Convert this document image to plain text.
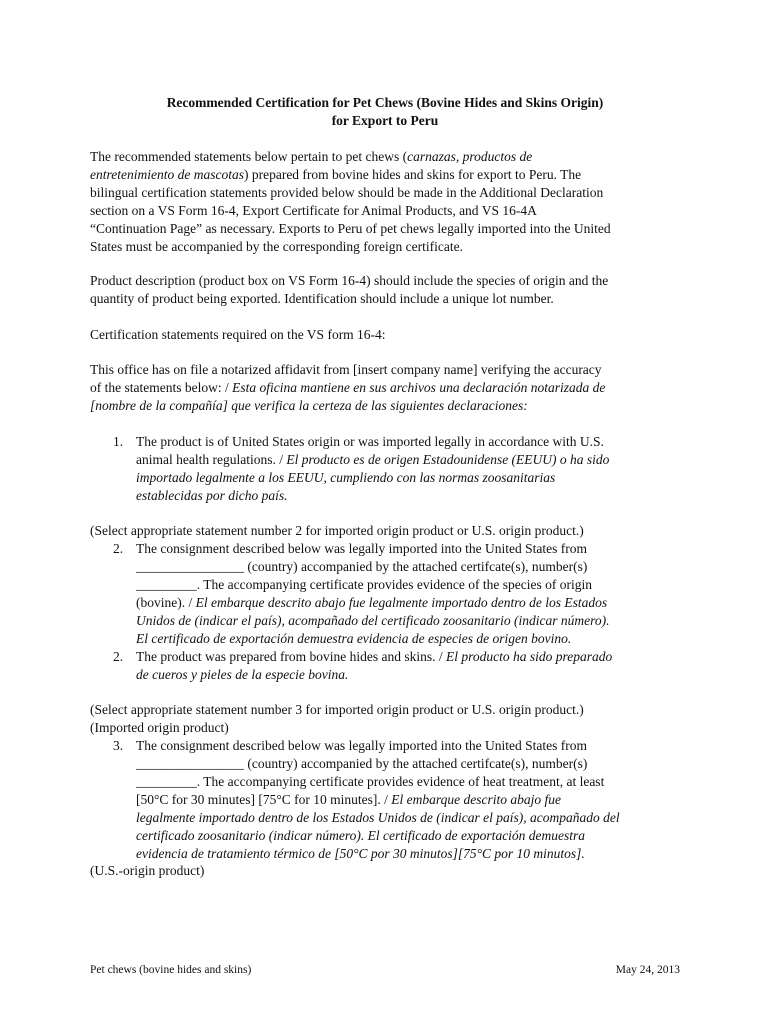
Recommended Certification for Pet Chews (Bovine Hides and Skins Origin)
for Export to Peru
The recommended statements below pertain to pet chews (carnazas, productos de
entretenimiento de mascotas) prepared from bovine hides and skins for export to Peru. The
bilingual certification statements provided below should be made in the Additional Declaration
section on a VS Form 16-4, Export Certificate for Animal Products, and VS 16-4A
“Continuation Page” as necessary. Exports to Peru of pet chews legally imported into the United
States must be accompanied by the corresponding foreign certificate.
Product description (product box on VS Form 16-4) should include the species of origin and the
quantity of product being exported. Identification should include a unique lot number.
Certification statements required on the VS form 16-4:
This office has on file a notarized affidavit from [insert company name] verifying the accuracy
of the statements below: / Esta oficina mantiene en sus archivos una declaración notarizada de
[nombre de la compañía] que verifica la certeza de las siguientes declaraciones:
1. The product is of United States origin or was imported legally in accordance with U.S.
animal health regulations. / El producto es de origen Estadounidense (EEUU) o ha sido
importado legalmente a los EEUU, cumpliendo con las normas zoosanitarias
establecidas por dicho país.
(Select appropriate statement number 2 for imported origin product or U.S. origin product.)
2. The consignment described below was legally imported into the United States from
________________ (country) accompanied by the attached certifcate(s), number(s)
_________. The accompanying certificate provides evidence of the species of origin
(bovine). / El embarque descrito abajo fue legalmente importado dentro de los Estados
Unidos de (indicar el país), acompañado del certificado zoosanitario (indicar número).
El certificado de exportación demuestra evidencia de especies de origen bovino.
2. The product was prepared from bovine hides and skins. / El producto ha sido preparado
de cueros y pieles de la especie bovina.
(Select appropriate statement number 3 for imported origin product or U.S. origin product.)
(Imported origin product)
3. The consignment described below was legally imported into the United States from
________________ (country) accompanied by the attached certifcate(s), number(s)
_________. The accompanying certificate provides evidence of heat treatment, at least
[50°C for 30 minutes] [75°C for 10 minutes]. / El embarque descrito abajo fue
legalmente importado dentro de los Estados Unidos de (indicar el país), acompañado del
certificado zoosanitario (indicar número). El certificado de exportación demuestra
evidencia de tratamiento térmico de [50°C por 30 minutos][75°C por 10 minutos].
(U.S.-origin product)
Pet chews (bovine hides and skins)	May 24, 2013
